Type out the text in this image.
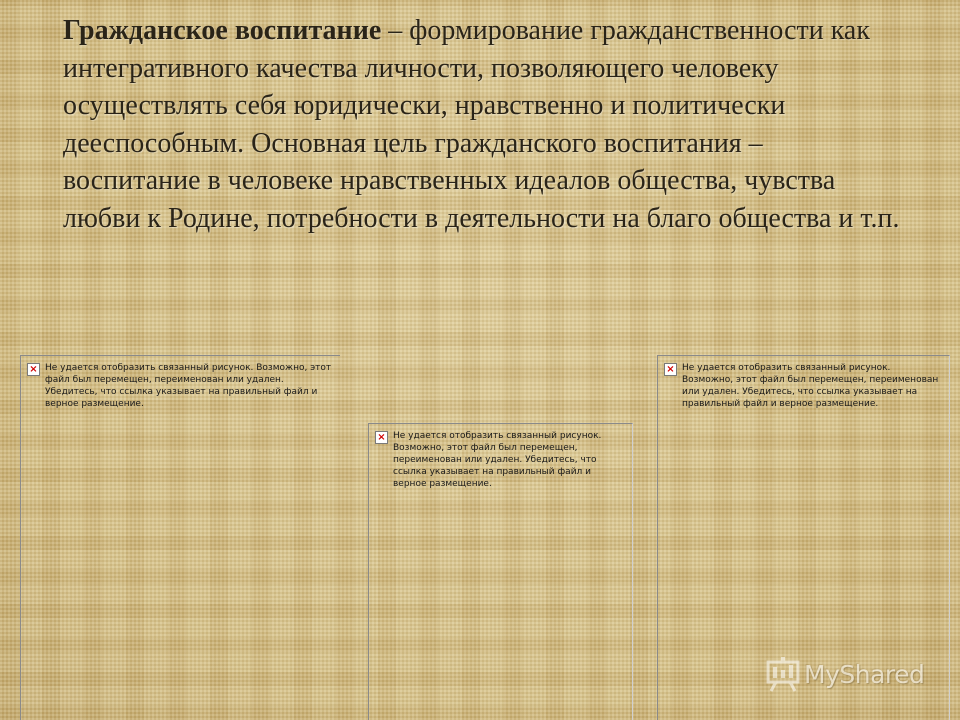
Гражданское воспитание – формирование гражданственности как интегративного качества личности, позволяющего человеку осуществлять себя юридически, нравственно и политически дееспособным. Основная цель гражданского воспитания – воспитание в человеке нравственных идеалов общества, чувства любви к Родине, потребности в деятельности на благо общества и т.п.
× Не удается отобразить связанный рисунок. Возможно, этот файл был перемещен, переименован или удален. Убедитесь, что ссылка указывает на правильный файл и верное размещение.
× Не удается отобразить связанный рисунок. Возможно, этот файл был перемещен, переименован или удален. Убедитесь, что ссылка указывает на правильный файл и верное размещение.
× Не удается отобразить связанный рисунок. Возможно, этот файл был перемещен, переименован или удален. Убедитесь, что ссылка указывает на правильный файл и верное размещение.
MyShared
